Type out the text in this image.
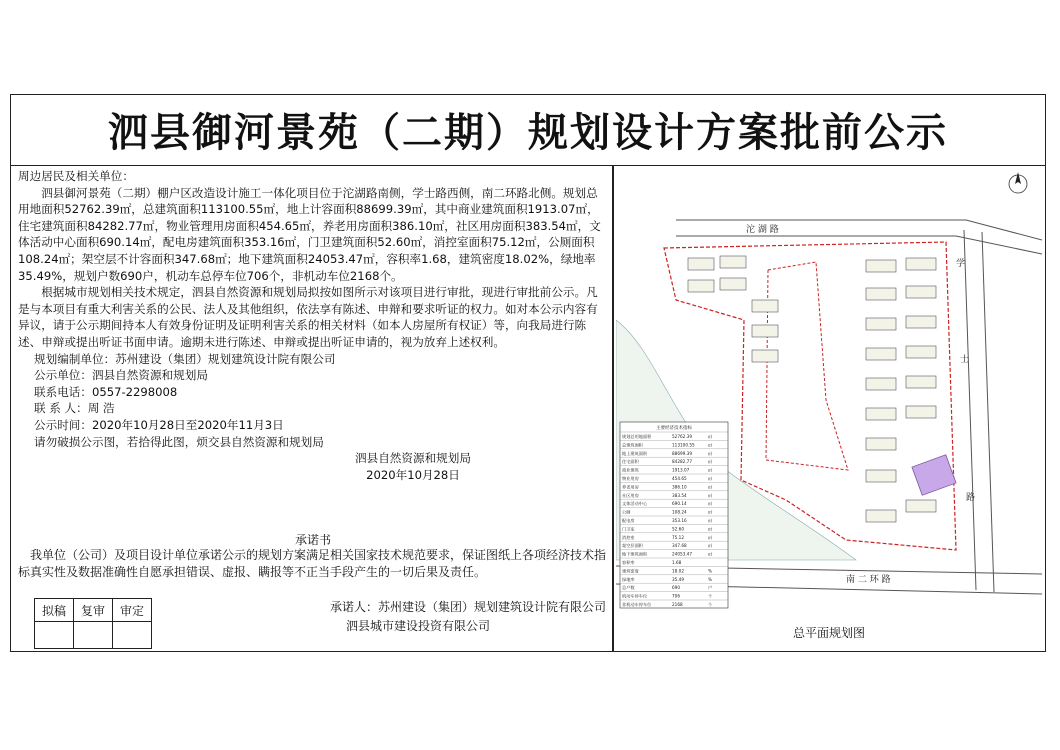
泗县御河景苑（二期）规划设计方案批前公示

周边居民及相关单位：

泗县御河景苑（二期）棚户区改造设计施工一体化项目位于沱湖路南侧，学士路西侧，南二环路北侧。规划总用地面积52762.39㎡，总建筑面积113100.55㎡，地上计容面积88699.39㎡，其中商业建筑面积1913.07㎡，住宅建筑面积84282.77㎡，物业管理用房面积454.65㎡，养老用房面积386.10㎡，社区用房面积383.54㎡，文体活动中心面积690.14㎡，配电房建筑面积353.16㎡，门卫建筑面积52.60㎡，消控室面积75.12㎡，公厕面积108.24㎡；架空层不计容面积347.68㎡；地下建筑面积24053.47㎡，容积率1.68，建筑密度18.02%，绿地率35.49%，规划户数690户，机动车总停车位706个，非机动车位2168个。

根据城市规划相关技术规定，泗县自然资源和规划局拟按如图所示对该项目进行审批，现进行审批前公示。凡是与本项目有重大利害关系的公民、法人及其他组织，依法享有陈述、申辩和要求听证的权力。如对本公示内容有异议，请于公示期间持本人有效身份证明及证明利害关系的相关材料（如本人房屋所有权证）等，向我局进行陈述、申辩或提出听证书面申请。逾期未进行陈述、申辩或提出听证申请的，视为放弃上述权利。

规划编制单位：苏州建设（集团）规划建筑设计院有限公司

公示单位：泗县自然资源和规划局

联系电话：0557-2298008

联 系 人：周 浩

公示时间：2020年10月28日至2020年11月3日

请勿破损公示图，若拾得此图，烦交县自然资源和规划局

泗县自然资源和规划局

2020年10月28日

承诺书
我单位（公司）及项目设计单位承诺公示的规划方案满足相关国家技术规范要求，保证图纸上各项经济技术指标真实性及数据准确性自愿承担错误、虚报、瞒报等不正当手段产生的一切后果及责任。
拟稿	复审	审定
			承诺人：苏州建设（集团）规划建筑设计院有限公司
泗县城市建设投资有限公司
沱 湖 路
学
士
路
南 二 环 路
主要经济技术指标
规划总用地面积	52762.39	㎡
总建筑面积	113100.55	㎡
地上建筑面积	88699.39	㎡
住宅面积	84282.77	㎡
商业建筑	1913.07	㎡
物业用房	454.65	㎡
养老用房	386.10	㎡
社区用房	383.54	㎡
文体活动中心	690.14	㎡
公厕	108.24	㎡
配电房	353.16	㎡
门卫室	52.60	㎡
消控室	75.12	㎡
架空层面积	347.68	㎡
地下建筑面积	24053.47	㎡
容积率	1.68
建筑密度	18.02	%
绿地率	35.49	%
总户数	690	户
机动车停车位	706	个
非机动车停车位	2168	个
总平面规划图
